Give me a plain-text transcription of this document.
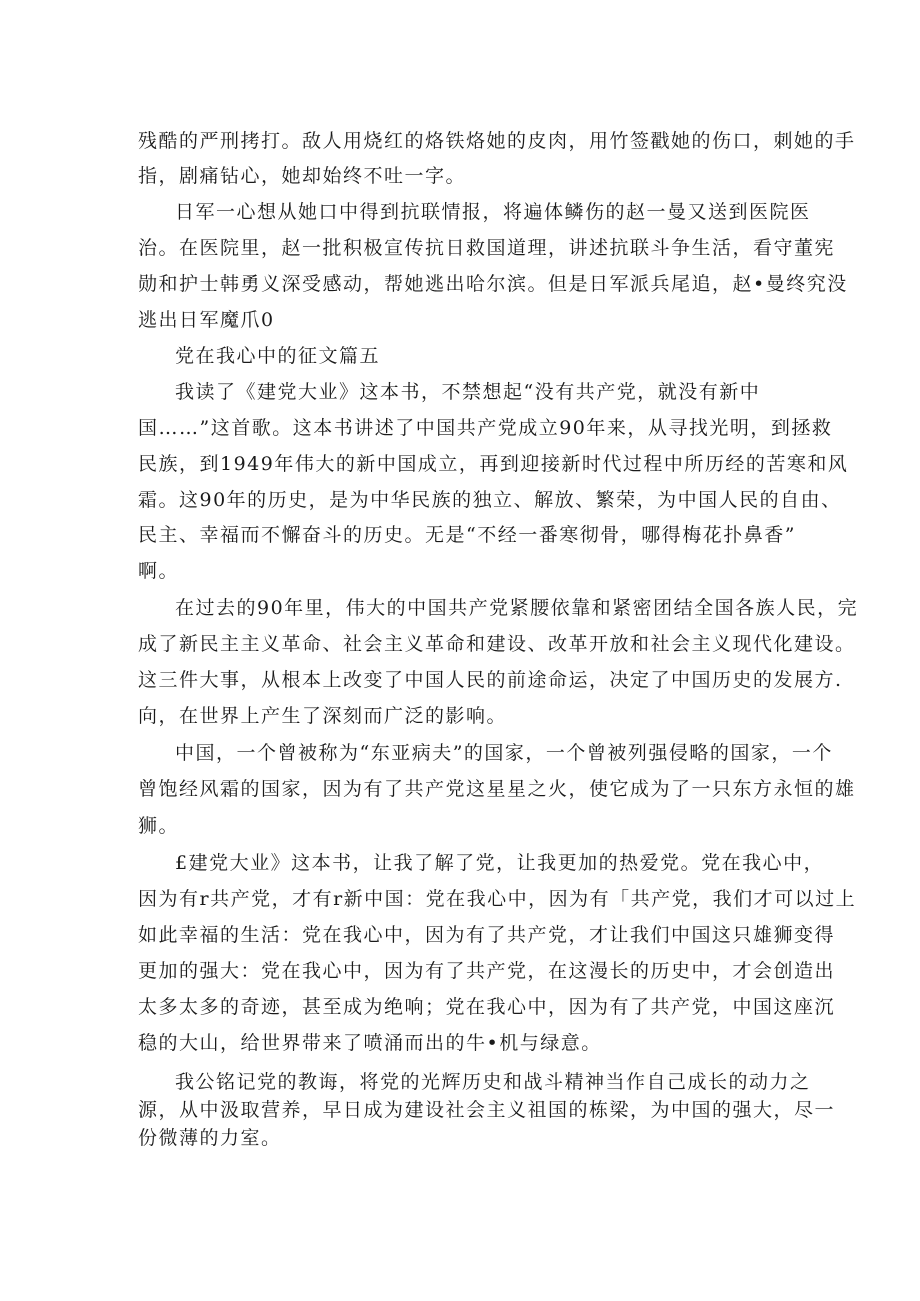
残酷的严刑拷打。敌人用烧红的烙铁烙她的皮肉，用竹签戳她的伤口，刺她的手

指，剧痛钻心，她却始终不吐一字。

日军一心想从她口中得到抗联情报，将遍体鳞伤的赵一曼又送到医院医

治。在医院里，赵一批积极宣传抗日救国道理，讲述抗联斗争生活，看守董宪

勋和护士韩勇义深受感动，帮她逃出哈尔滨。但是日军派兵尾追，赵•曼终究没

逃出日军魔爪0

党在我心中的征文篇五

我读了《建党大业》这本书，不禁想起“没有共产党，就没有新中

国……”这首歌。这本书讲述了中国共产党成立90年来，从寻找光明，到拯救

民族，到1949年伟大的新中国成立，再到迎接新时代过程中所历经的苦寒和风

霜。这90年的历史，是为中华民族的独立、解放、繁荣，为中国人民的自由、

民主、幸福而不懈奋斗的历史。无是“不经一番寒彻骨，哪得梅花扑鼻香”

啊。

在过去的90年里，伟大的中国共产党紧腰依靠和紧密团结全国各族人民，完

成了新民主主义革命、社会主义革命和建设、改革开放和社会主义现代化建设。

这三件大事，从根本上改变了中国人民的前途命运，决定了中国历史的发展方.

向，在世界上产生了深刻而广泛的影响。

中国，一个曾被称为“东亚病夫”的国家，一个曾被列强侵略的国家，一个

曾饱经风霜的国家，因为有了共产党这星星之火，使它成为了一只东方永恒的雄

狮。

£建党大业》这本书，让我了解了党，让我更加的热爱党。党在我心中，

因为有r共产党，才有r新中国：党在我心中，因为有「共产党，我们才可以过上

如此幸福的生活：党在我心中，因为有了共产党，才让我们中国这只雄狮变得

更加的强大：党在我心中，因为有了共产党，在这漫长的历史中，才会创造出

太多太多的奇迹，甚至成为绝响；党在我心中，因为有了共产党，中国这座沉

稳的大山，给世界带来了喷涌而出的牛•机与绿意。

我公铭记党的教诲，将党的光辉历史和战斗精神当作自己成长的动力之

源，从中汲取营养，早日成为建设社会主义祖国的栋梁，为中国的强大，尽一

份微薄的力室。
